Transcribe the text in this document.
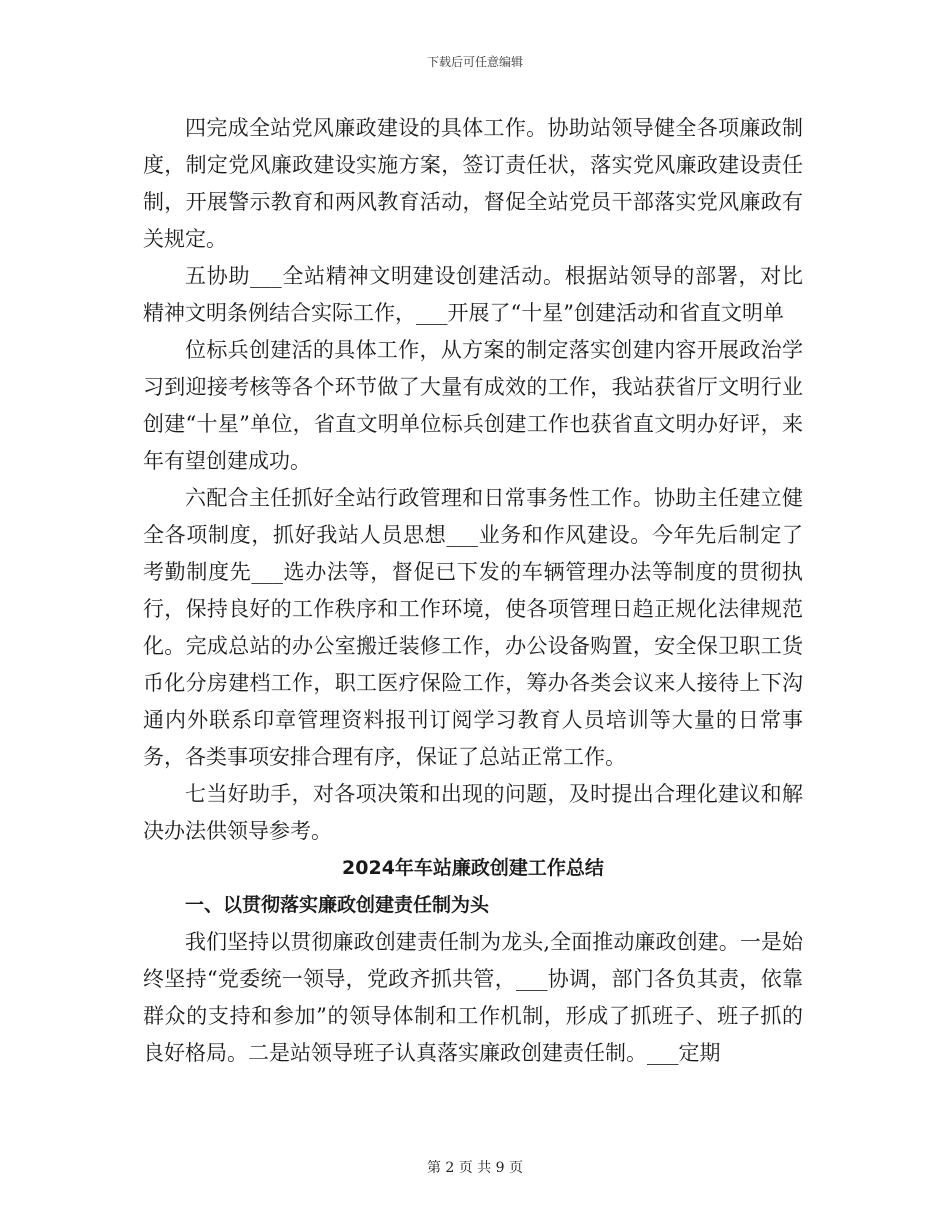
下载后可任意编辑

四完成全站党风廉政建设的具体工作。协助站领导健全各项廉政制度，制定党风廉政建设实施方案，签订责任状，落实党风廉政建设责任制，开展警示教育和两风教育活动，督促全站党员干部落实党风廉政有关规定。

五协助___全站精神文明建设创建活动。根据站领导的部署，对比精神文明条例结合实际工作，___开展了“十星”创建活动和省直文明单

位标兵创建活的具体工作，从方案的制定落实创建内容开展政治学习到迎接考核等各个环节做了大量有成效的工作，我站获省厅文明行业创建“十星”单位，省直文明单位标兵创建工作也获省直文明办好评，来年有望创建成功。

六配合主任抓好全站行政管理和日常事务性工作。协助主任建立健全各项制度，抓好我站人员思想___业务和作风建设。今年先后制定了考勤制度先___选办法等，督促已下发的车辆管理办法等制度的贯彻执行，保持良好的工作秩序和工作环境，使各项管理日趋正规化法律规范化。完成总站的办公室搬迁装修工作，办公设备购置，安全保卫职工货币化分房建档工作，职工医疗保险工作，筹办各类会议来人接待上下沟通内外联系印章管理资料报刊订阅学习教育人员培训等大量的日常事务，各类事项安排合理有序，保证了总站正常工作。

七当好助手，对各项决策和出现的问题，及时提出合理化建议和解决办法供领导参考。

2024年车站廉政创建工作总结

一、以贯彻落实廉政创建责任制为头

我们坚持以贯彻廉政创建责任制为龙头,全面推动廉政创建。一是始终坚持“党委统一领导，党政齐抓共管，___协调，部门各负其责，依靠群众的支持和参加”的领导体制和工作机制，形成了抓班子、班子抓的良好格局。二是站领导班子认真落实廉政创建责任制。___定期

第 2 页 共 9 页
